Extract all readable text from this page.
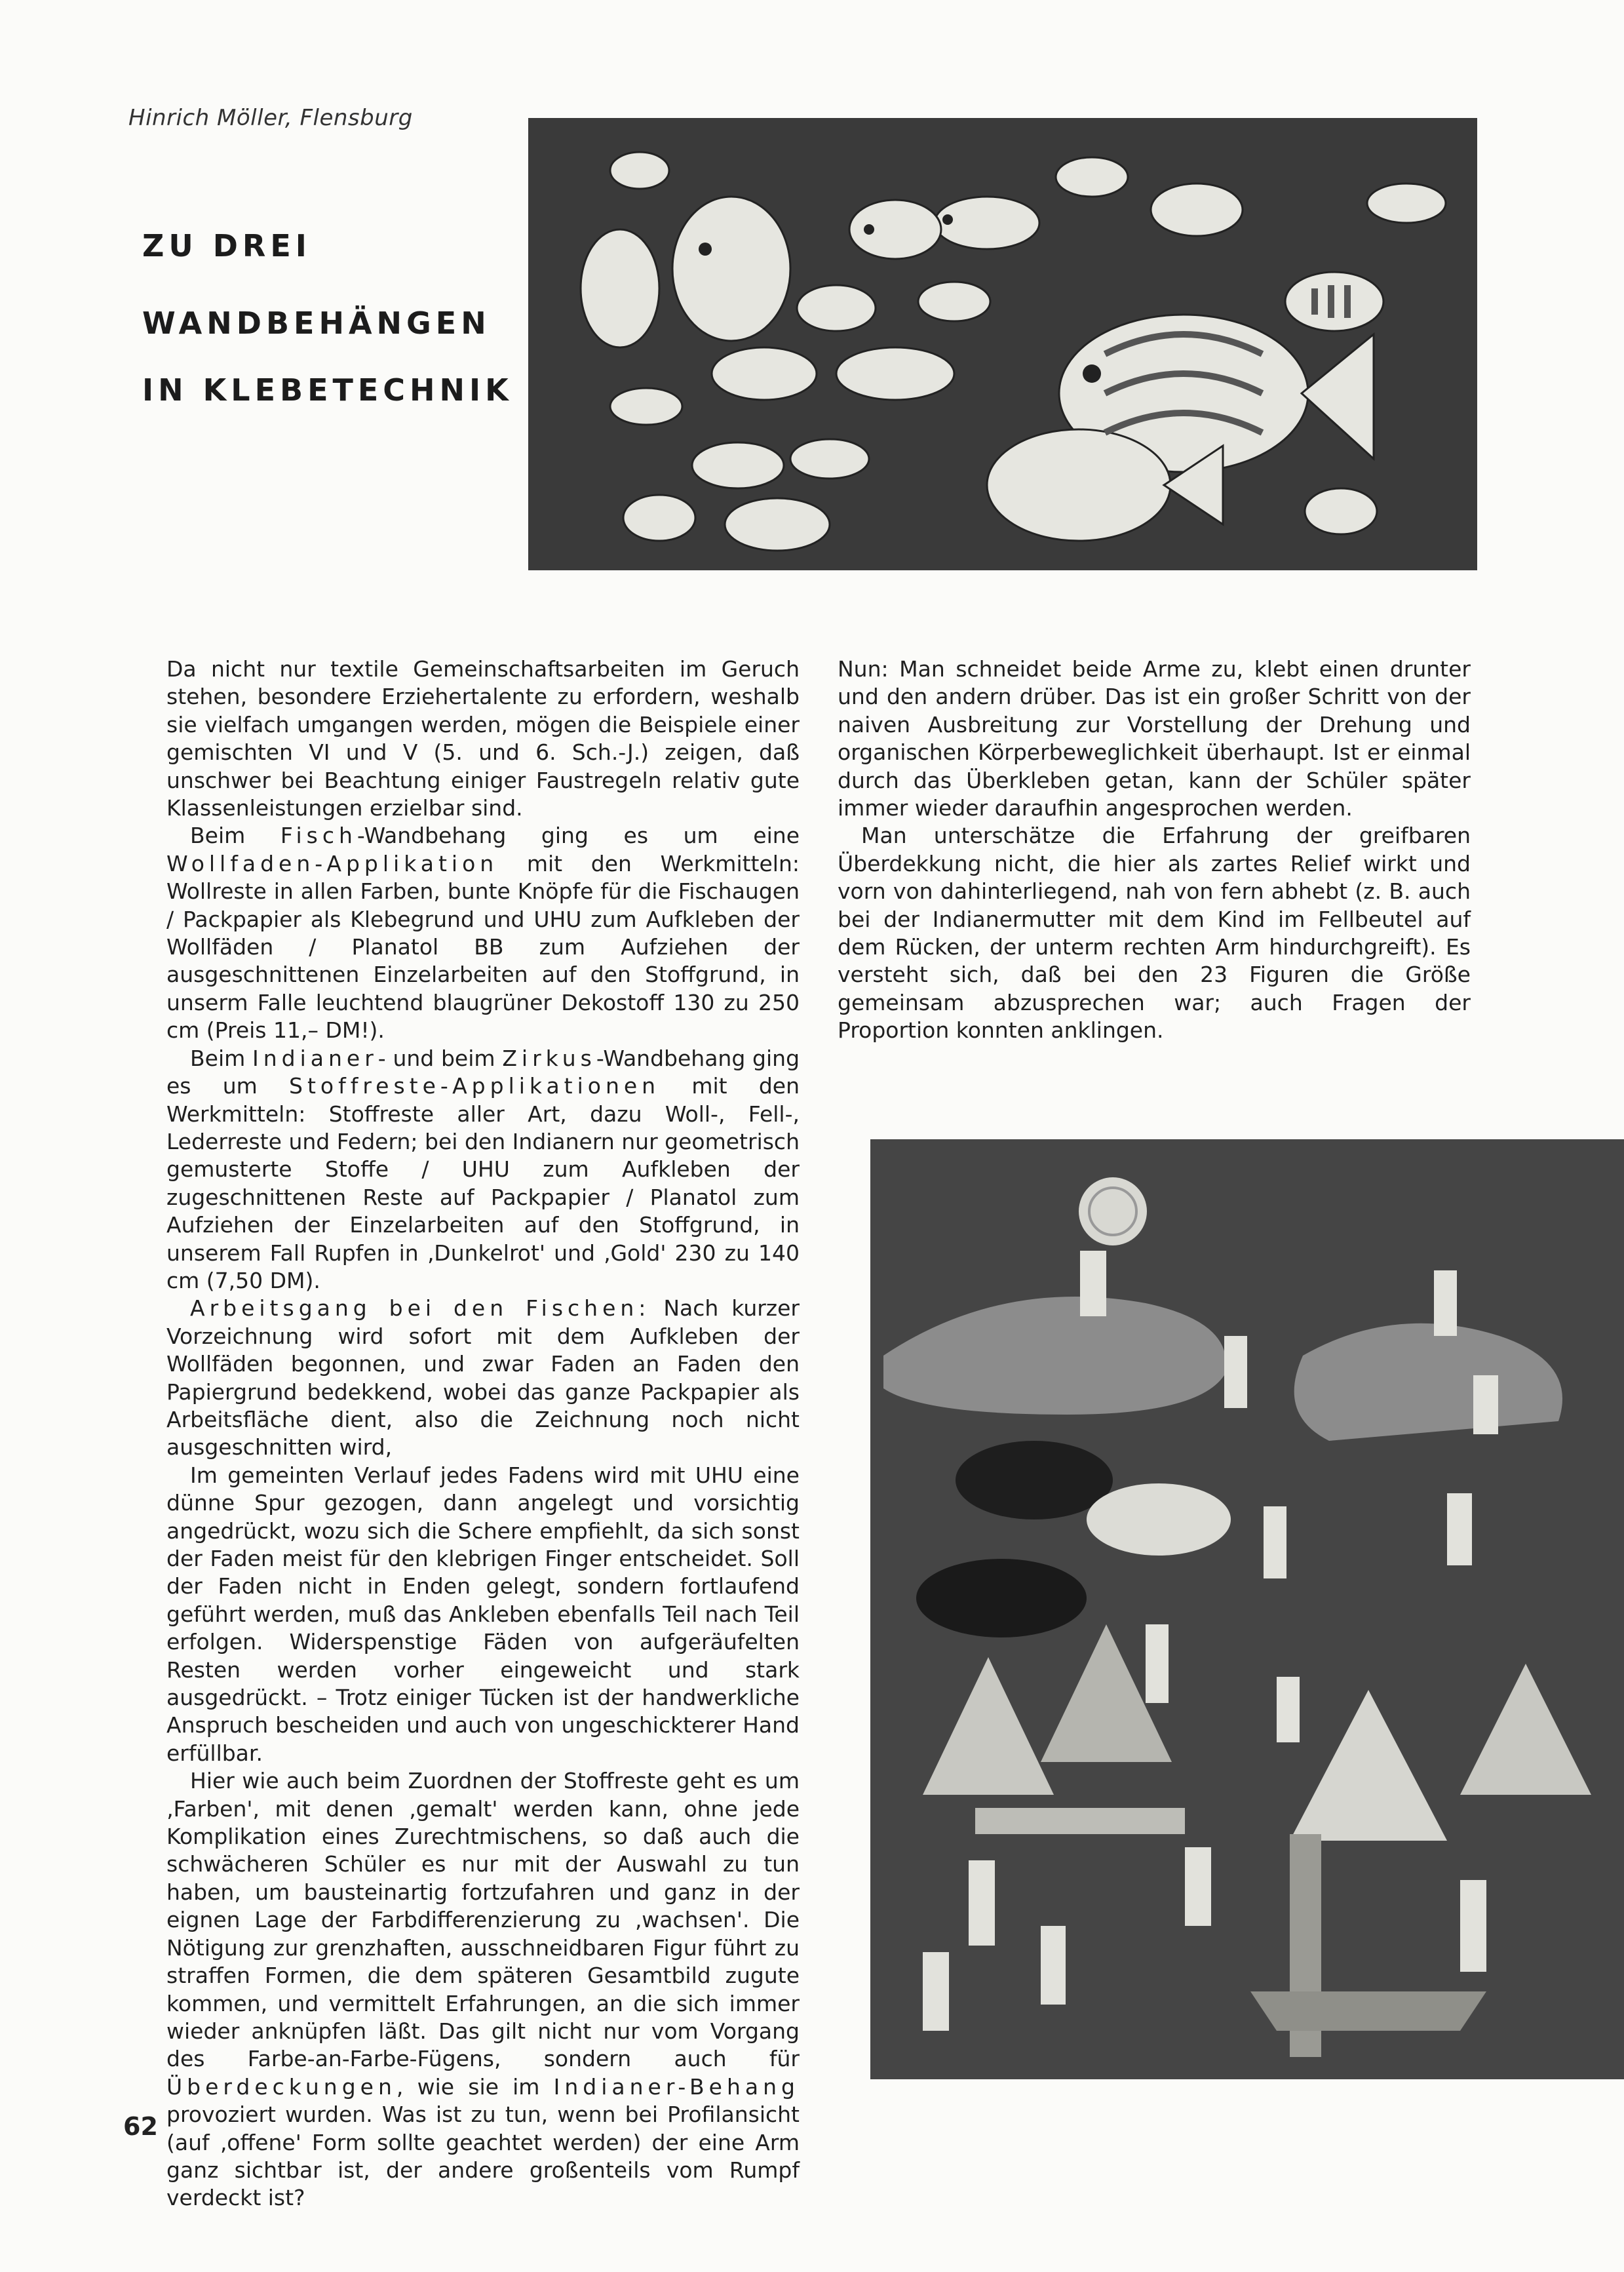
Hinrich Möller, Flensburg
ZU DREI
WANDBEHÄNGEN
IN KLEBETECHNIK

Da nicht nur textile Gemeinschaftsarbeiten im Geruch stehen, besondere Erziehertalente zu erfordern, weshalb sie vielfach umgangen werden, mögen die Beispiele einer gemischten VI und V (5. und 6. Sch.-J.) zeigen, daß unschwer bei Beachtung einiger Faustregeln relativ gute Klassenleistungen erzielbar sind.

Beim Fisch-Wandbehang ging es um eine Wollfaden-Applikation mit den Werkmitteln: Wollreste in allen Farben, bunte Knöpfe für die Fischaugen / Packpapier als Klebegrund und UHU zum Aufkleben der Wollfäden / Planatol BB zum Aufziehen der ausgeschnittenen Einzelarbeiten auf den Stoffgrund, in unserm Falle leuchtend blaugrüner Dekostoff 130 zu 250 cm (Preis 11,– DM!).

Beim Indianer- und beim Zirkus-Wandbehang ging es um Stoffreste-Applikationen mit den Werkmitteln: Stoffreste aller Art, dazu Woll-, Fell-, Lederreste und Federn; bei den Indianern nur geometrisch gemusterte Stoffe / UHU zum Aufkleben der zugeschnittenen Reste auf Packpapier / Planatol zum Aufziehen der Einzelarbeiten auf den Stoffgrund, in unserem Fall Rupfen in ‚Dunkelrot' und ‚Gold' 230 zu 140 cm (7,50 DM).

Arbeitsgang bei den Fischen: Nach kurzer Vorzeichnung wird sofort mit dem Aufkleben der Wollfäden begonnen, und zwar Faden an Faden den Papiergrund bedekkend, wobei das ganze Packpapier als Arbeitsfläche dient, also die Zeichnung noch nicht ausgeschnitten wird,

Im gemeinten Verlauf jedes Fadens wird mit UHU eine dünne Spur gezogen, dann angelegt und vorsichtig angedrückt, wozu sich die Schere empfiehlt, da sich sonst der Faden meist für den klebrigen Finger entscheidet. Soll der Faden nicht in Enden gelegt, sondern fortlaufend geführt werden, muß das Ankleben ebenfalls Teil nach Teil erfolgen. Widerspenstige Fäden von aufgeräufelten Resten werden vorher eingeweicht und stark ausgedrückt. – Trotz einiger Tücken ist der handwerkliche Anspruch bescheiden und auch von ungeschickterer Hand erfüllbar.

Hier wie auch beim Zuordnen der Stoffreste geht es um ‚Farben', mit denen ‚gemalt' werden kann, ohne jede Komplikation eines Zurechtmischens, so daß auch die schwächeren Schüler es nur mit der Auswahl zu tun haben, um bausteinartig fortzufahren und ganz in der eignen Lage der Farbdifferenzierung zu ‚wachsen'. Die Nötigung zur grenzhaften, ausschneidbaren Figur führt zu straffen Formen, die dem späteren Gesamtbild zugute kommen, und vermittelt Erfahrungen, an die sich immer wieder anknüpfen läßt. Das gilt nicht nur vom Vorgang des Farbe-an-Farbe-Fügens, sondern auch für Überdeckungen, wie sie im Indianer-Behang provoziert wurden. Was ist zu tun, wenn bei Profilansicht (auf ‚offene' Form sollte geachtet werden) der eine Arm ganz sichtbar ist, der andere großenteils vom Rumpf verdeckt ist?

Nun: Man schneidet beide Arme zu, klebt einen drunter und den andern drüber. Das ist ein großer Schritt von der naiven Ausbreitung zur Vorstellung der Drehung und organischen Körperbeweglichkeit überhaupt. Ist er einmal durch das Überkleben getan, kann der Schüler später immer wieder daraufhin angesprochen werden.

Man unterschätze die Erfahrung der greifbaren Überdekkung nicht, die hier als zartes Relief wirkt und vorn von dahinterliegend, nah von fern abhebt (z. B. auch bei der Indianermutter mit dem Kind im Fellbeutel auf dem Rücken, der unterm rechten Arm hindurchgreift). Es versteht sich, daß bei den 23 Figuren die Größe gemeinsam abzusprechen war; auch Fragen der Proportion konnten anklingen.

62
